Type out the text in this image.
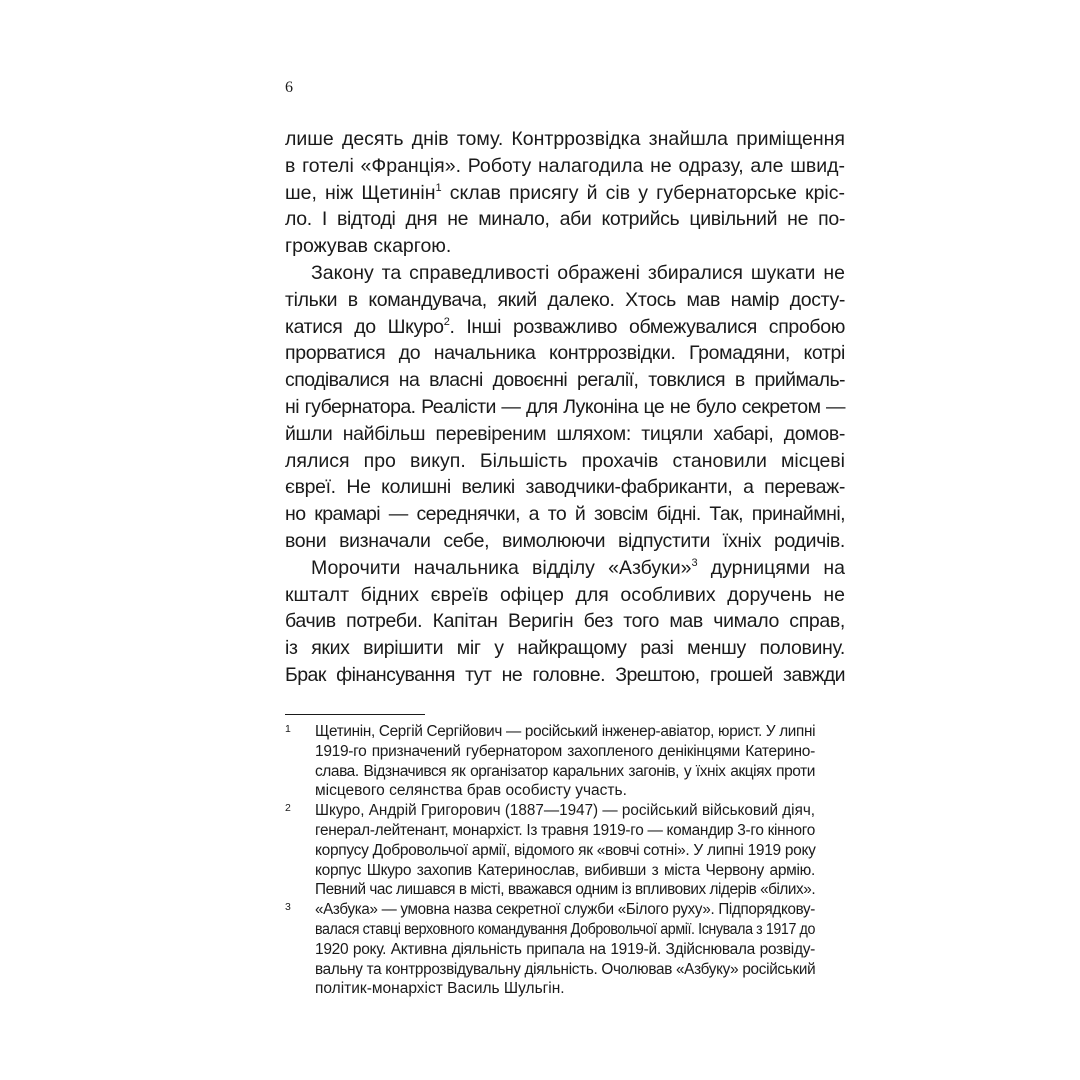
6
лише десять днів тому. Контррозвідка знайшла приміщення
в готелі «Франція». Роботу налагодила не одразу, але швид-
ше, ніж Щетинін$^1$ склав присягу й сів у губернаторське кріс-
ло. І відтоді дня не минало, аби котрийсь цивільний не по-
грожував скаргою.
Закону та справедливості ображені збиралися шукати не
тільки в командувача, який далеко. Хтось мав намір досту-
катися до Шкуро$^2$. Інші розважливо обмежувалися спробою
прорватися до начальника контррозвідки. Громадяни, котрі
сподівалися на власні довоєнні регалії, товклися в приймаль-
ні губернатора. Реалісти — для Луконіна це не було секретом —
йшли найбільш перевіреним шляхом: тицяли хабарі, домов-
лялися про викуп. Більшість прохачів становили місцеві
євреї. Не колишні великі заводчики-фабриканти, а переваж-
но крамарі — середнячки, а то й зовсім бідні. Так, принаймні,
вони визначали себе, вимолюючи відпустити їхніх родичів.
Морочити начальника відділу «Азбуки»$^3$ дурницями на
кшталт бідних євреїв офіцер для особливих доручень не
бачив потреби. Капітан Веригін без того мав чимало справ,
із яких вирішити міг у найкращому разі меншу половину.
Брак фінансування тут не головне. Зрештою, грошей завжди
1 Щетинін, Сергій Сергійович — російський інженер-авіатор, юрист. У липні
1919-го призначений губернатором захопленого денікінцями Катерино-
слава. Відзначився як організатор каральних загонів, у їхніх акціях проти
місцевого селянства брав особисту участь.
2 Шкуро, Андрій Григорович (1887—1947) — російський військовий діяч,
генерал-лейтенант, монархіст. Із травня 1919-го — командир 3-го кінного
корпусу Добровольчої армії, відомого як «вовчі сотні». У липні 1919 року
корпус Шкуро захопив Катеринослав, вибивши з міста Червону армію.
Певний час лишався в місті, вважався одним із впливових лідерів «білих».
3 «Азбука» — умовна назва секретної служби «Білого руху». Підпорядкову-
валася ставці верховного командування Добровольчої армії. Існувала з 1917 до
1920 року. Активна діяльність припала на 1919-й. Здійснювала розвіду-
вальну та контррозвідувальну діяльність. Очолював «Азбуку» російський
політик-монархіст Василь Шульгін.
